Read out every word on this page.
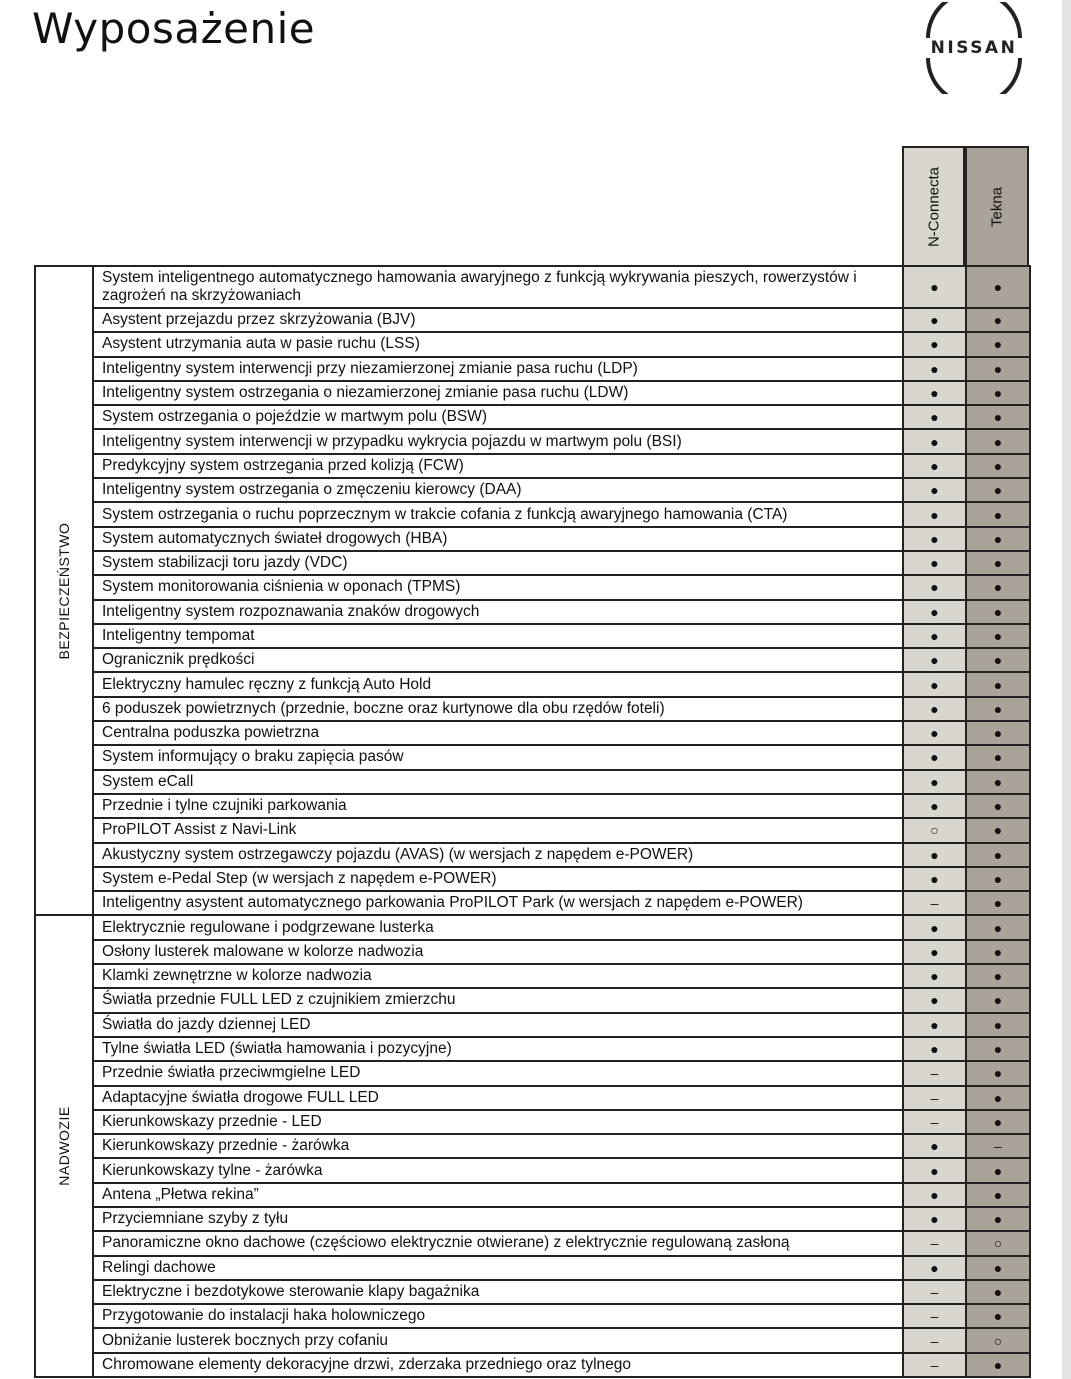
Wyposażenie	NISSAN
N-Connecta	Tekna
BEZPIECZEŃSTWO	System inteligentnego automatycznego hamowania awaryjnego z funkcją wykrywania pieszych, rowerzystów i zagrożeń na skrzyżowaniach	●	●
	Asystent przejazdu przez skrzyżowania (BJV)	●	●
	Asystent utrzymania auta w pasie ruchu (LSS)	●	●
	Inteligentny system interwencji przy niezamierzonej zmianie pasa ruchu (LDP)	●	●
	Inteligentny system ostrzegania o niezamierzonej zmianie pasa ruchu (LDW)	●	●
	System ostrzegania o pojeździe w martwym polu (BSW)	●	●
	Inteligentny system interwencji w przypadku wykrycia pojazdu w martwym polu (BSI)	●	●
	Predykcyjny system ostrzegania przed kolizją (FCW)	●	●
	Inteligentny system ostrzegania o zmęczeniu kierowcy (DAA)	●	●
	System ostrzegania o ruchu poprzecznym w trakcie cofania z funkcją awaryjnego hamowania (CTA)	●	●
	System automatycznych świateł drogowych (HBA)	●	●
	System stabilizacji toru jazdy (VDC)	●	●
	System monitorowania ciśnienia w oponach (TPMS)	●	●
	Inteligentny system rozpoznawania znaków drogowych	●	●
	Inteligentny tempomat	●	●
	Ogranicznik prędkości	●	●
	Elektryczny hamulec ręczny z funkcją Auto Hold	●	●
	6 poduszek powietrznych (przednie, boczne oraz kurtynowe dla obu rzędów foteli)	●	●
	Centralna poduszka powietrzna	●	●
	System informujący o braku zapięcia pasów	●	●
	System eCall	●	●
	Przednie i tylne czujniki parkowania	●	●
	ProPILOT Assist z Navi-Link	○	●
	Akustyczny system ostrzegawczy pojazdu (AVAS) (w wersjach z napędem e-POWER)	●	●
	System e-Pedal Step (w wersjach z napędem e-POWER)	●	●
	Inteligentny asystent automatycznego parkowania ProPILOT Park (w wersjach z napędem e-POWER)	–	●

NADWOZIE	Elektrycznie regulowane i podgrzewane lusterka	●	●
	Osłony lusterek malowane w kolorze nadwozia	●	●
	Klamki zewnętrzne w kolorze nadwozia	●	●
	Światła przednie FULL LED z czujnikiem zmierzchu	●	●
	Światła do jazdy dziennej LED	●	●
	Tylne światła LED (światła hamowania i pozycyjne)	●	●
	Przednie światła przeciwmgielne LED	–	●
	Adaptacyjne światła drogowe FULL LED	–	●
	Kierunkowskazy przednie - LED	–	●
	Kierunkowskazy przednie - żarówka	●	–
	Kierunkowskazy tylne - żarówka	●	●
	Antena „Płetwa rekina”	●	●
	Przyciemniane szyby z tyłu	●	●
	Panoramiczne okno dachowe (częściowo elektrycznie otwierane) z elektrycznie regulowaną zasłoną	–	○
	Relingi dachowe	●	●
	Elektryczne i bezdotykowe sterowanie klapy bagażnika	–	●
	Przygotowanie do instalacji haka holowniczego	–	●
	Obniżanie lusterek bocznych przy cofaniu	–	○
	Chromowane elementy dekoracyjne drzwi, zderzaka przedniego oraz tylnego	–	●
